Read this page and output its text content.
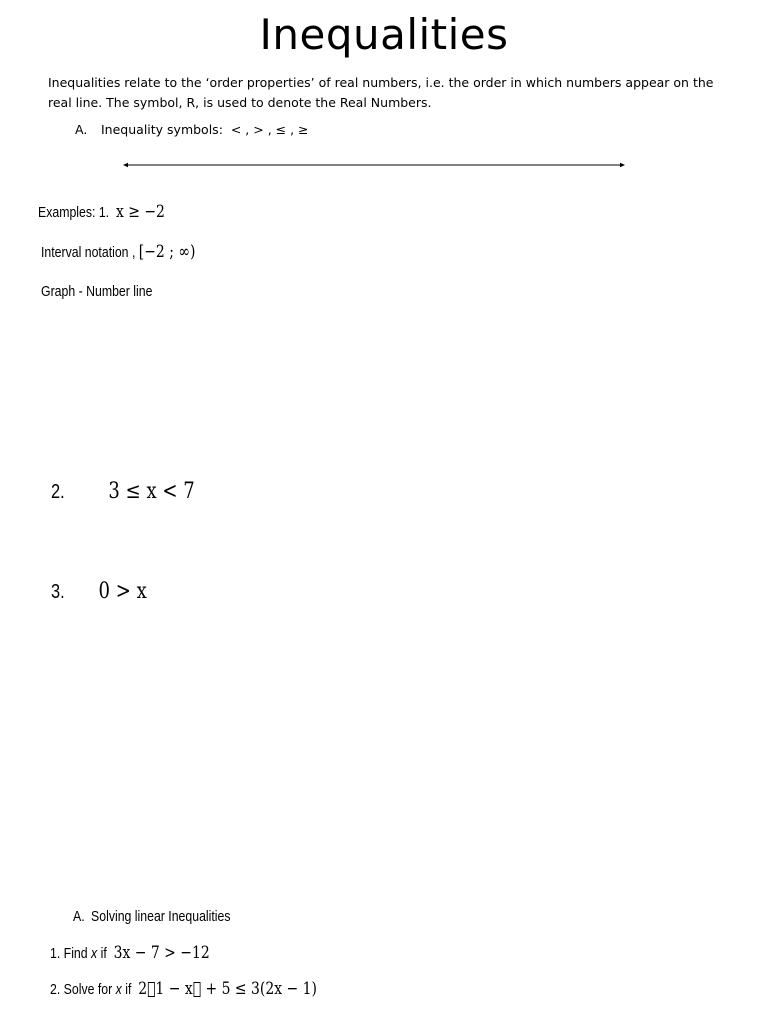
Inequalities
Inequalities relate to the ‘order properties’ of real numbers, i.e. the order in which numbers appear on the real line. The symbol, R, is used to denote the Real Numbers.
A. Inequality symbols: < , > , ≤ , ≥
Examples: 1. x ≥ −2
Interval notation , [−2 ; ∞)
Graph - Number line
2. 3 ≤ x < 7
3. 0 > x
A. Solving linear Inequalities
1. Find x if 3x − 7 > −12
2. Solve for x if 2⃞1 − x⃞ + 5 ≤ 3(2x − 1)
